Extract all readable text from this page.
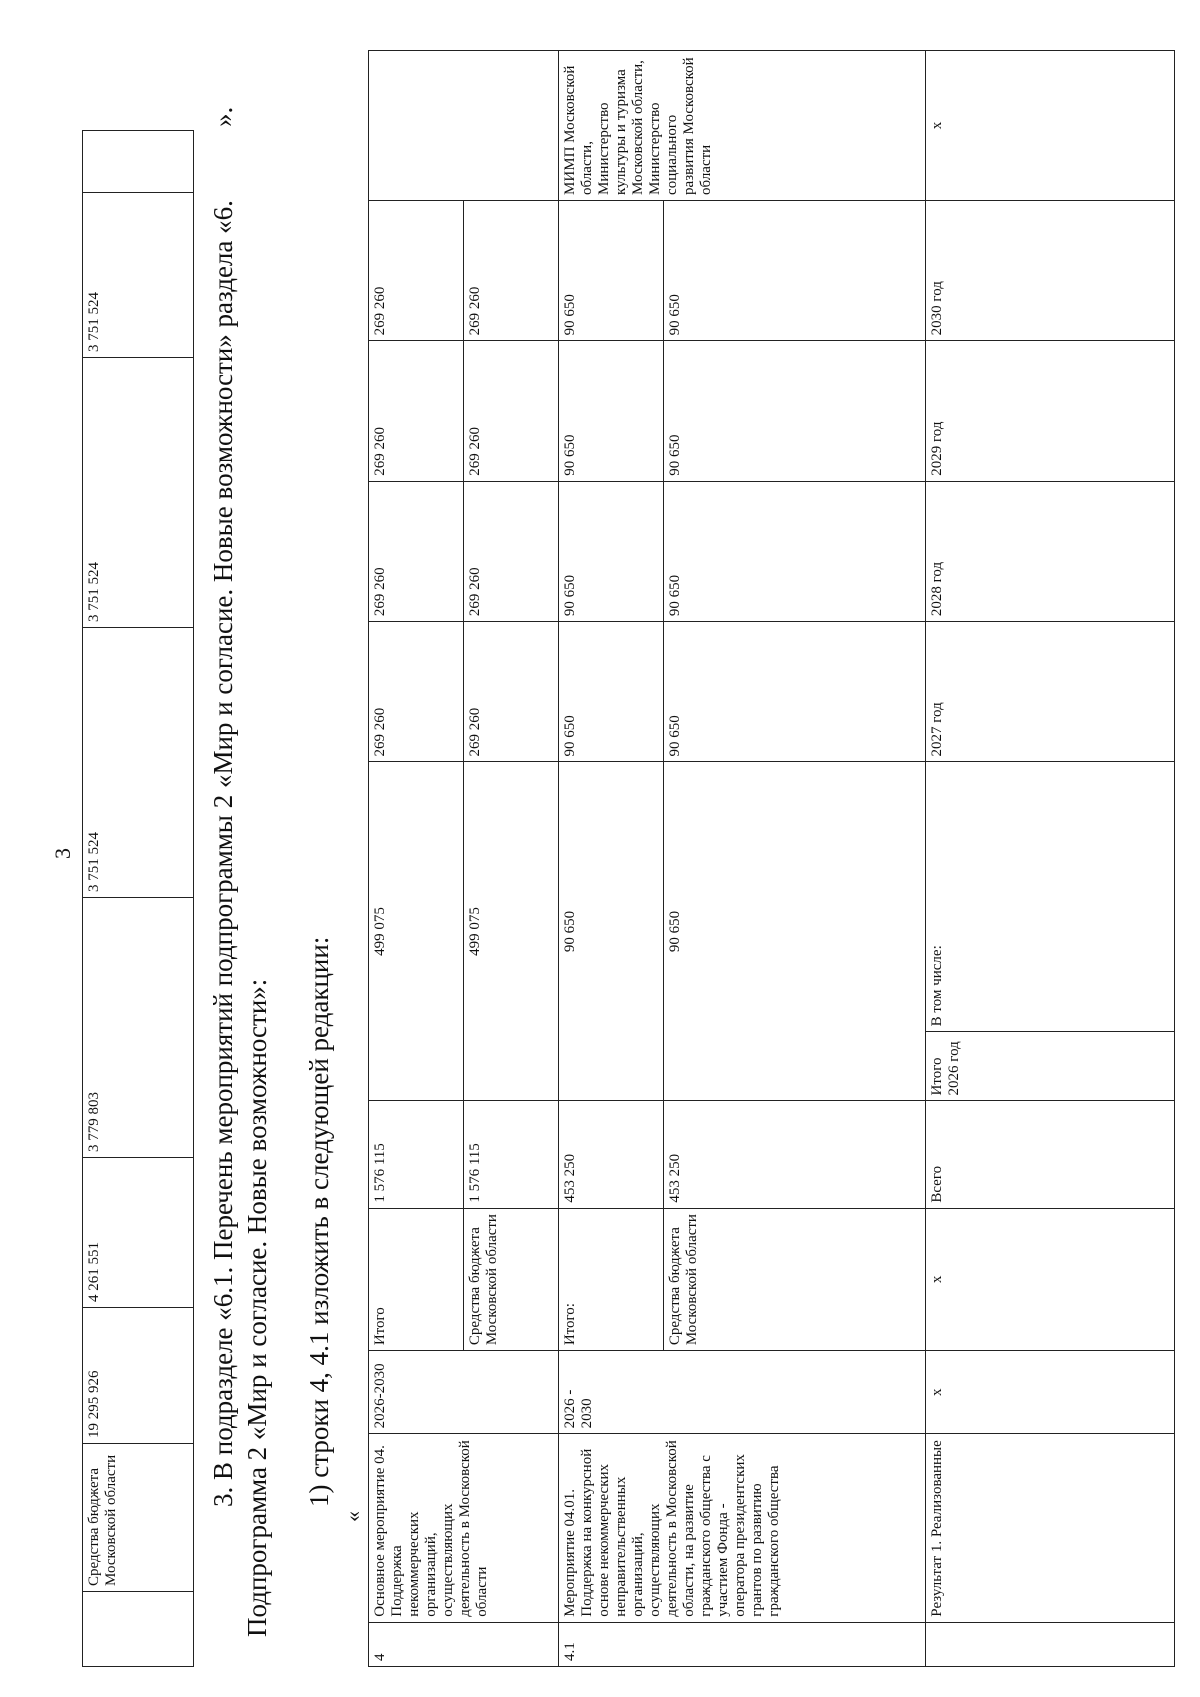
3
	Средства бюджета Московской области	19 295 926	4 261 551	3 779 803	3 751 524	3 751 524	3 751 524		3. В подразделе «6.1. Перечень мероприятий подпрограммы 2 «Мир и согласие. Новые возможности» раздела «6.
».
Подпрограмма 2 «Мир и согласие. Новые возможности»: 1) строки 4, 4.1 изложить в следующей редакции:
«
4	Основное мероприятие 04. Поддержка некоммерческих организаций, осуществляющих деятельность в Московской области	2026-2030	Итого	1 576 115	499 075		269 260	269 260	269 260	269 260	
			Средства бюджета Московской области	1 576 115	499 075		269 260	269 260	269 260	269 260	
4.1	Мероприятие 04.01. Поддержка на конкурсной основе некоммерческих неправительственных организаций, осуществляющих деятельность в Московской области, на развитие гражданского общества с участием Фонда - оператора президентских грантов по развитию гражданского общества	2026 - 2030	Итого:	453 250	90 650		90 650	90 650	90 650	90 650	МИМП Московской области, Министерство культуры и туризма Московской области, Министерство социального развития Московской области
			Средства бюджета Московской области	453 250	90 650		90 650	90 650	90 650	90 650	
	Результат 1. Реализованные	x	x	Всего	Итого 2026 год	В том числе:	2027 год	2028 год	2029 год	2030 год	x
